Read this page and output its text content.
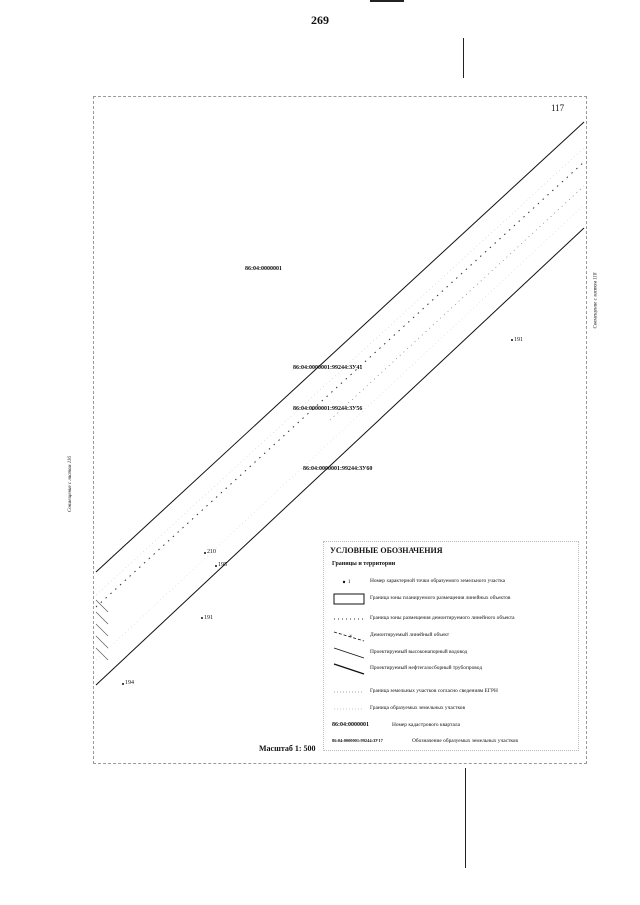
269
117
86:04:0000001
86:04:0000001:99244:ЗУ41
86:04:0000001:99244:ЗУ56
86:04:0000001:99244:ЗУ60
191
210
195
191
194
Совмещение с листом 116
Совмещение с листом 118
УСЛОВНЫЕ ОБОЗНАЧЕНИЯ
Границы и территории
1	Номер характерной точки образуемого земельного участка
Граница зоны планируемого размещения линейных объектов
Граница зоны размещения демонтируемого линейного объекта
×	Демонтируемый линейный объект
Проектируемый высоконапорный водовод
Проектируемый нефтегазосборный трубопровод
Граница земельных участков согласно сведениям ЕГРН
Граница образуемых земельных участков
86:04:0000001	Номер кадастрового квартала
86:04:0000001:99244:ЗУ17	Обозначение образуемых земельных участков
Масштаб 1: 500
